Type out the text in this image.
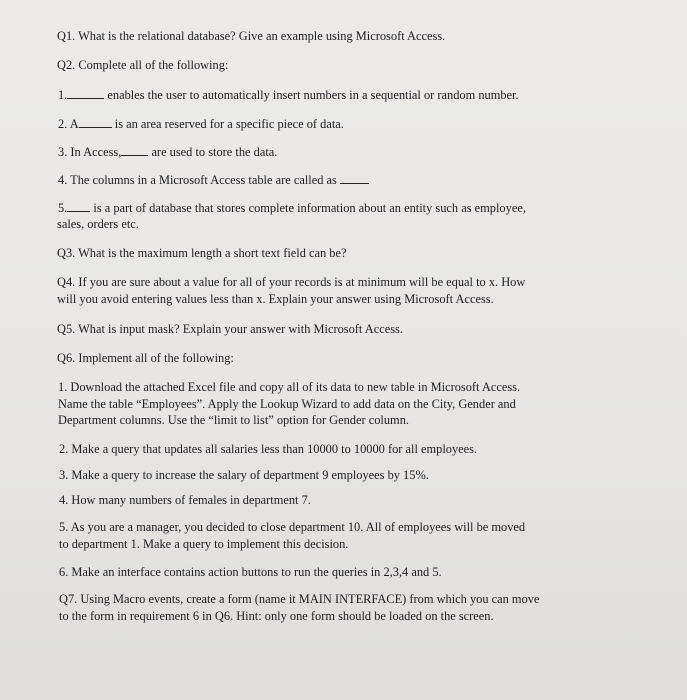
Q1. What is the relational database? Give an example using Microsoft Access.
Q2. Complete all of the following:
1.	enables the user to automatically insert numbers in a sequential or random number.
2. A	is an area reserved for a specific piece of data.
3. In Access, are used to store the data.
4. The columns in a Microsoft Access table are called as
5. is a part of database that stores complete information about an entity such as employee,
sales, orders etc.
Q3. What is the maximum length a short text field can be?
Q4. If you are sure about a value for all of your records is at minimum will be equal to x. How
will you avoid entering values less than x. Explain your answer using Microsoft Access.
Q5. What is input mask? Explain your answer with Microsoft Access.
Q6. Implement all of the following:
1. Download the attached Excel file and copy all of its data to new table in Microsoft Access.
Name the table “Employees”. Apply the Lookup Wizard to add data on the City, Gender and
Department columns. Use the “limit to list” option for Gender column.
2. Make a query that updates all salaries less than 10000 to 10000 for all employees.
3. Make a query to increase the salary of department 9 employees by 15%.
4. How many numbers of females in department 7.
5. As you are a manager, you decided to close department 10. All of employees will be moved
to department 1. Make a query to implement this decision.
6. Make an interface contains action buttons to run the queries in 2,3,4 and 5.
Q7. Using Macro events, create a form (name it MAIN INTERFACE) from which you can move
to the form in requirement 6 in Q6. Hint: only one form should be loaded on the screen.
